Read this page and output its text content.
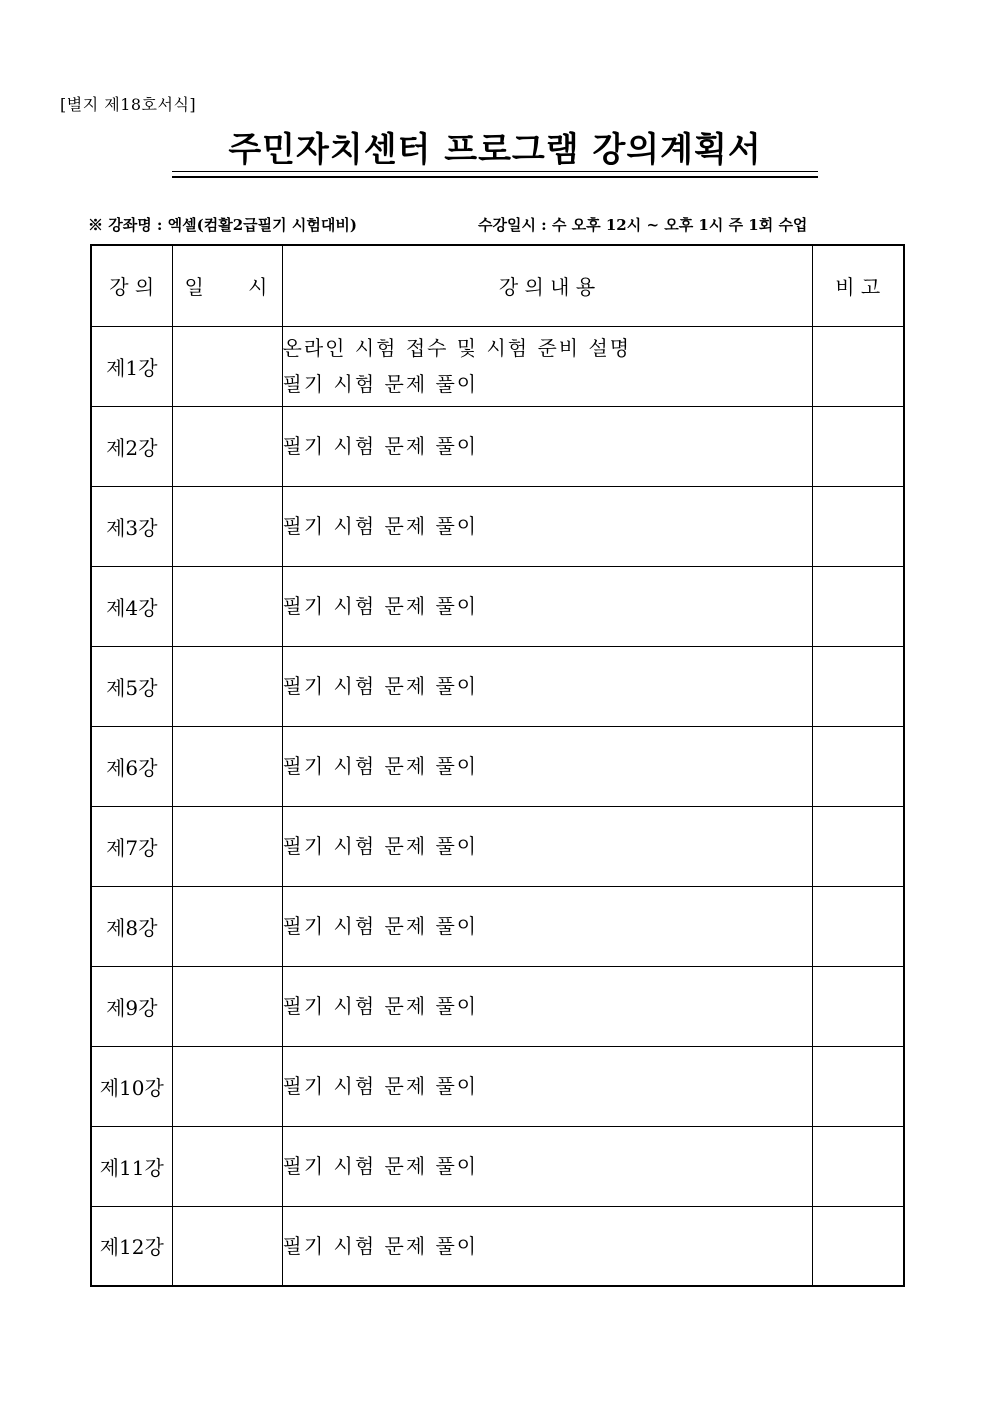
[별지 제18호서식]
주민자치센터 프로그램 강의계획서
※ 강좌명 : 엑셀(컴활2급필기 시험대비)	수강일시 : 수 오후 12시 ~ 오후 1시 주 1회 수업
강 의	일 시	강 의 내 용	비 고
제1강		온라인 시험 접수 및 시험 준비 설명
필기 시험 문제 풀이	

제2강		필기 시험 문제 풀이	

제3강		필기 시험 문제 풀이	

제4강		필기 시험 문제 풀이	

제5강		필기 시험 문제 풀이	

제6강		필기 시험 문제 풀이	

제7강		필기 시험 문제 풀이	

제8강		필기 시험 문제 풀이	

제9강		필기 시험 문제 풀이	

제10강		필기 시험 문제 풀이	

제11강		필기 시험 문제 풀이	

제12강		필기 시험 문제 풀이	
